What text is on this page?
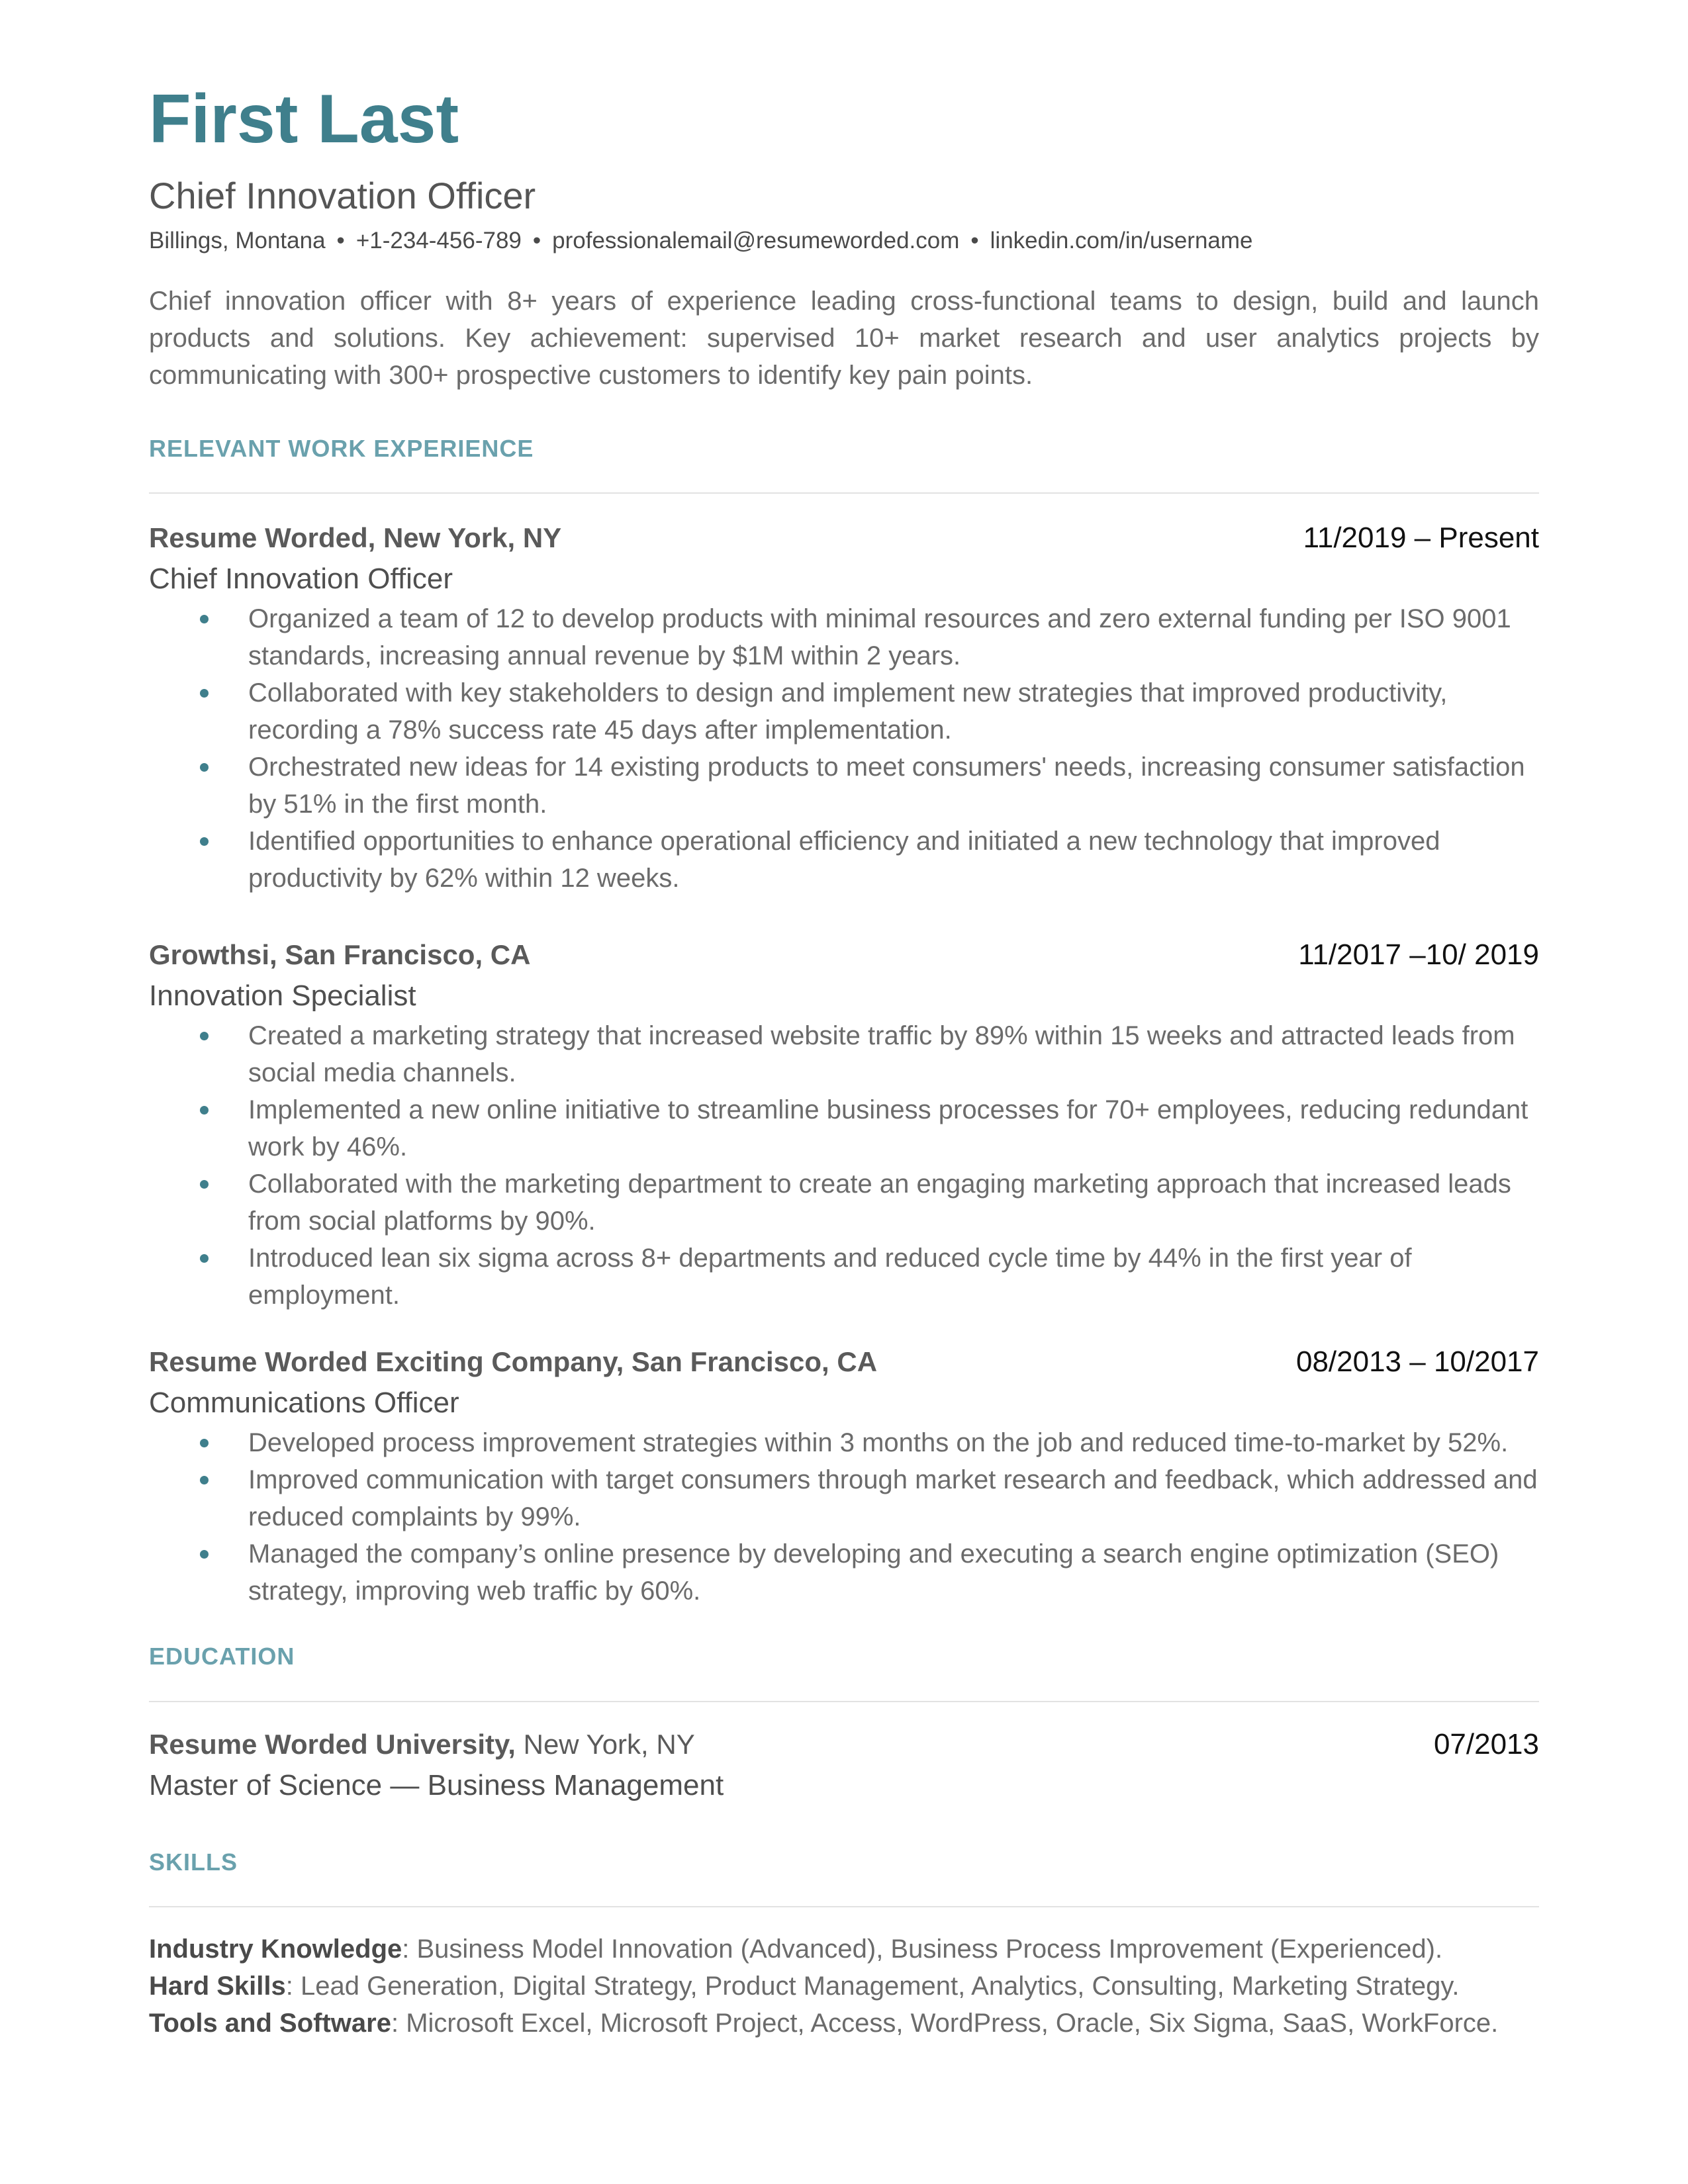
First Last
Chief Innovation Officer
Billings, Montana • +1-234-456-789 • professionalemail@resumeworded.com • linkedin.com/in/username
Chief innovation officer with 8+ years of experience leading cross-functional teams to design, build and launch products and solutions. Key achievement: supervised 10+ market research and user analytics projects by communicating with 300+ prospective customers to identify key pain points.
RELEVANT WORK EXPERIENCE
Resume Worded, New York, NY	11/2019 – Present
Chief Innovation Officer
Organized a team of 12 to develop products with minimal resources and zero external funding per ISO 9001 standards, increasing annual revenue by $1M within 2 years.
Collaborated with key stakeholders to design and implement new strategies that improved productivity, recording a 78% success rate 45 days after implementation.
Orchestrated new ideas for 14 existing products to meet consumers' needs, increasing consumer satisfaction by 51% in the first month.
Identified opportunities to enhance operational efficiency and initiated a new technology that improved productivity by 62% within 12 weeks.
Growthsi, San Francisco, CA	11/2017 –10/ 2019
Innovation Specialist
Created a marketing strategy that increased website traffic by 89% within 15 weeks and attracted leads from social media channels.
Implemented a new online initiative to streamline business processes for 70+ employees, reducing redundant work by 46%.
Collaborated with the marketing department to create an engaging marketing approach that increased leads from social platforms by 90%.
Introduced lean six sigma across 8+ departments and reduced cycle time by 44% in the first year of employment.
Resume Worded Exciting Company, San Francisco, CA	08/2013 – 10/2017
Communications Officer
Developed process improvement strategies within 3 months on the job and reduced time-to-market by 52%.
Improved communication with target consumers through market research and feedback, which addressed and reduced complaints by 99%.
Managed the company’s online presence by developing and executing a search engine optimization (SEO) strategy, improving web traffic by 60%.
EDUCATION
Resume Worded University, New York, NY	07/2013
Master of Science — Business Management
SKILLS
Industry Knowledge: Business Model Innovation (Advanced), Business Process Improvement (Experienced).
Hard Skills: Lead Generation, Digital Strategy, Product Management, Analytics, Consulting, Marketing Strategy.
Tools and Software: Microsoft Excel, Microsoft Project, Access, WordPress, Oracle, Six Sigma, SaaS, WorkForce.
